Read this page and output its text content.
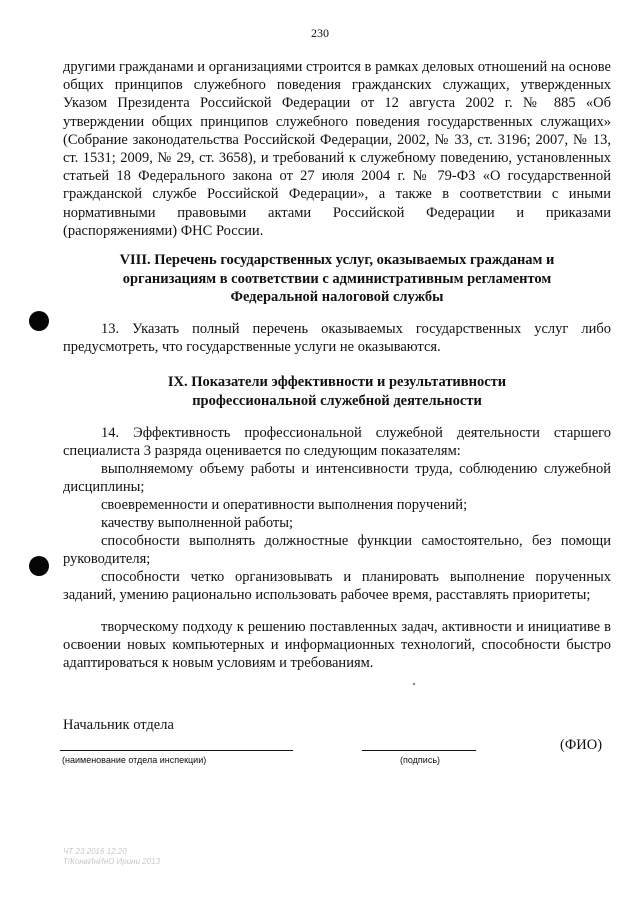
230

другими гражданами и организациями строится в рамках деловых отношений на основе общих принципов служебного поведения гражданских служащих, утвержденных Указом Президента Российской Федерации от 12 августа 2002 г. № 885 «Об утверждении общих принципов служебного поведения государственных служащих» (Собрание законодательства Российской Федерации, 2002, № 33, ст. 3196; 2007, № 13, ст. 1531; 2009, № 29, ст. 3658), и требований к служебному поведению, установленных статьей 18 Федерального закона от 27 июля 2004 г. № 79-ФЗ «О государственной гражданской службе Российской Федерации», а также в соответствии с иными нормативными правовыми актами Российской Федерации и приказами (распоряжениями) ФНС России.

VIII. Перечень государственных услуг, оказываемых гражданам и
организациям в соответствии с административным регламентом
Федеральной налоговой службы

13. Указать полный перечень оказываемых государственных услуг либо предусмотреть, что государственные услуги не оказываются.

IX. Показатели эффективности и результативности
профессиональной служебной деятельности

14. Эффективность профессиональной служебной деятельности старшего специалиста 3 разряда оценивается по следующим показателям:

выполняемому объему работы и интенсивности труда, соблюдению служебной дисциплины;

своевременности и оперативности выполнения поручений;

качеству выполненной работы;

способности выполнять должностные функции самостоятельно, без помощи руководителя;

способности четко организовывать и планировать выполнение порученных заданий, умению рационально использовать рабочее время, расставлять приоритеты;

творческому подходу к решению поставленных задач, активности и инициативе в освоении новых компьютерных и информационных технологий, способности быстро адаптироваться к новым условиям и требованиям.

Начальник отдела
(наименование отдела инспекции)	(подпись)
(ФИО)
ЧТ 23 2016 12:20
Т/КонвИнИнО Ирини 2013
